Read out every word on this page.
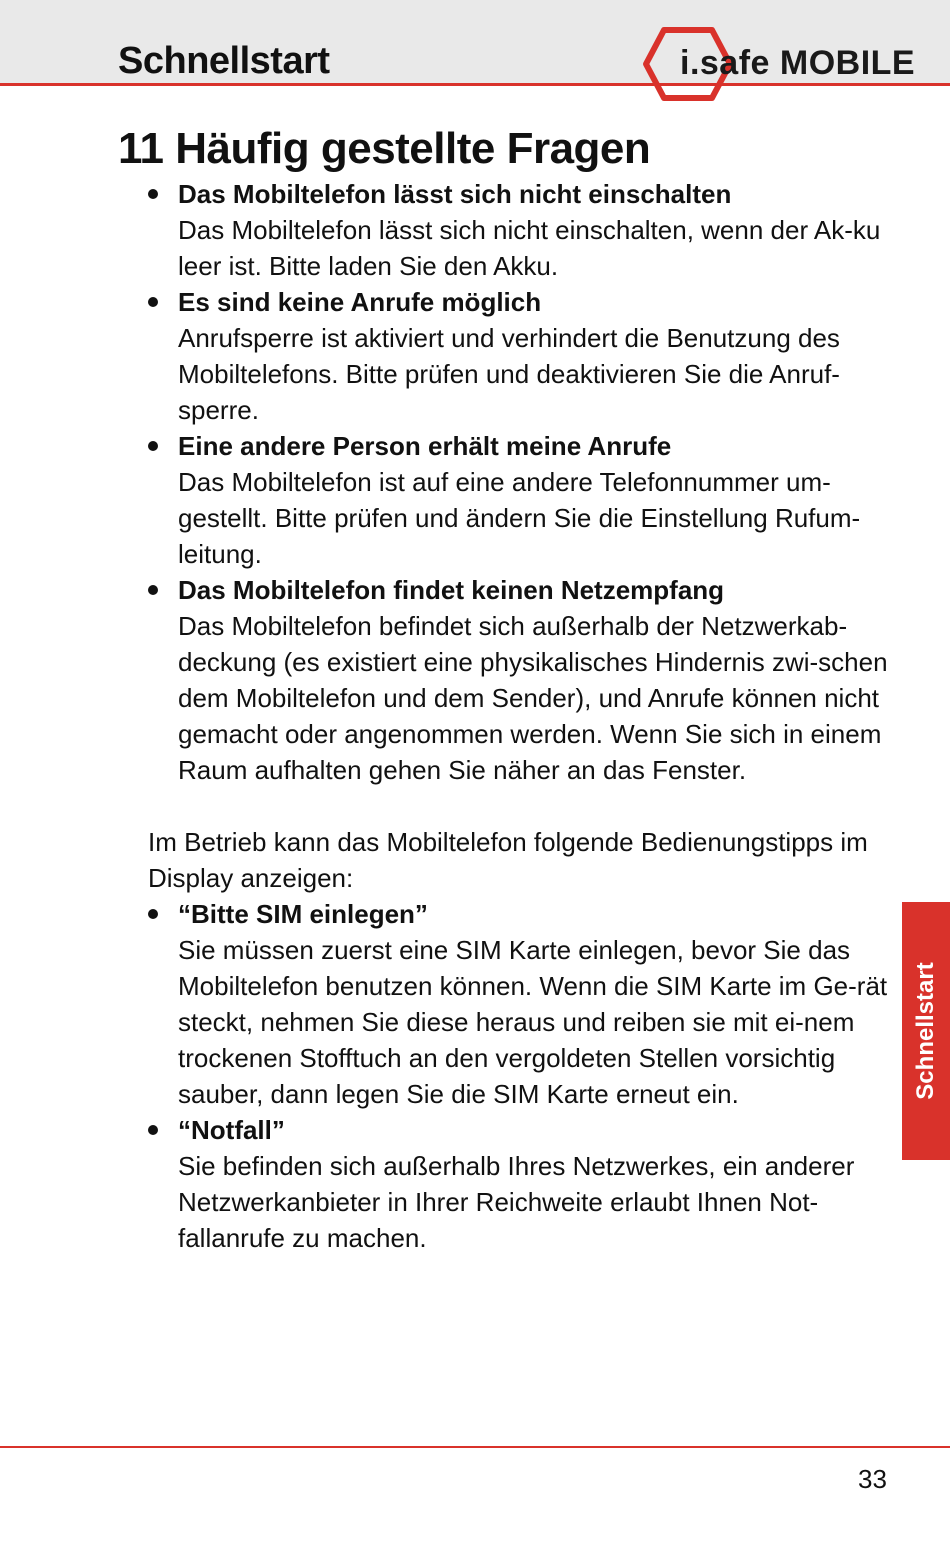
Schnellstart	i.safe MOBILE
11 Häufig gestellte Fragen
Das Mobiltelefon lässt sich nicht einschalten
Das Mobiltelefon lässt sich nicht einschalten, wenn der Ak-ku leer ist. Bitte laden Sie den Akku.
Es sind keine Anrufe möglich
Anrufsperre ist aktiviert und verhindert die Benutzung des Mobiltelefons. Bitte prüfen und deaktivieren Sie die Anruf-sperre.
Eine andere Person erhält meine Anrufe
Das Mobiltelefon ist auf eine andere Telefonnummer um-gestellt. Bitte prüfen und ändern Sie die Einstellung Rufum-leitung.
Das Mobiltelefon findet keinen Netzempfang
Das Mobiltelefon befindet sich außerhalb der Netzwerkab-deckung (es existiert eine physikalisches Hindernis zwi-schen dem Mobiltelefon und dem Sender), und Anrufe können nicht gemacht oder angenommen werden. Wenn Sie sich in einem Raum aufhalten gehen Sie näher an das Fenster.
Im Betrieb kann das Mobiltelefon folgende Bedienungstipps im Display anzeigen:
“Bitte SIM einlegen”
Sie müssen zuerst eine SIM Karte einlegen, bevor Sie das Mobiltelefon benutzen können. Wenn die SIM Karte im Ge-rät steckt, nehmen Sie diese heraus und reiben sie mit ei-nem trockenen Stofftuch an den vergoldeten Stellen vorsichtig sauber, dann legen Sie die SIM Karte erneut ein.
“Notfall”
Sie befinden sich außerhalb Ihres Netzwerkes, ein anderer Netzwerkanbieter in Ihrer Reichweite erlaubt Ihnen Not-fallanrufe zu machen.
Schnellstart
33
